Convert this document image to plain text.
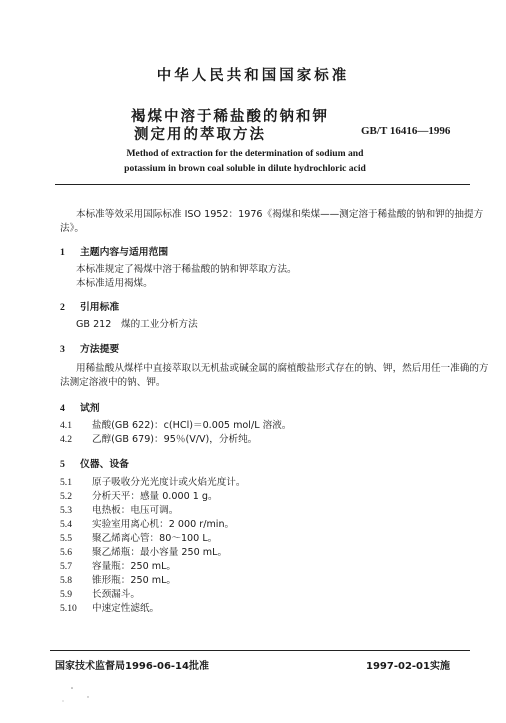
中华人民共和国国家标准
褐煤中溶于稀盐酸的钠和钾
测定用的萃取方法	GB/T 16416—1996
Method of extraction for the determination of sodium and
potassium in brown coal soluble in dilute hydrochloric acid
本标准等效采用国际标准 ISO 1952：1976《褐煤和柴煤——测定溶于稀盐酸的钠和钾的抽提方
法》。
1 主题内容与适用范围
本标准规定了褐煤中溶于稀盐酸的钠和钾萃取方法。
本标准适用褐煤。
2 引用标准
GB 212　煤的工业分析方法
3 方法提要
用稀盐酸从煤样中直接萃取以无机盐或碱金属的腐植酸盐形式存在的钠、钾，然后用任一准确的方
法测定溶液中的钠、钾。
4 试剂
4.1 盐酸(GB 622)：c(HCl)＝0.005 mol/L 溶液。
4.2 乙醇(GB 679)：95％(V/V)，分析纯。
5 仪器、设备
5.1 原子吸收分光光度计或火焰光度计。
5.2 分析天平：感量 0.000 1 g。
5.3 电热板：电压可调。
5.4 实验室用离心机：2 000 r/min。
5.5 聚乙烯离心管：80～100 L。
5.6 聚乙烯瓶：最小容量 250 mL。
5.7 容量瓶：250 mL。
5.8 锥形瓶：250 mL。
5.9 长颈漏斗。
5.10 中速定性滤纸。
国家技术监督局1996-06-14批准	1997-02-01实施
